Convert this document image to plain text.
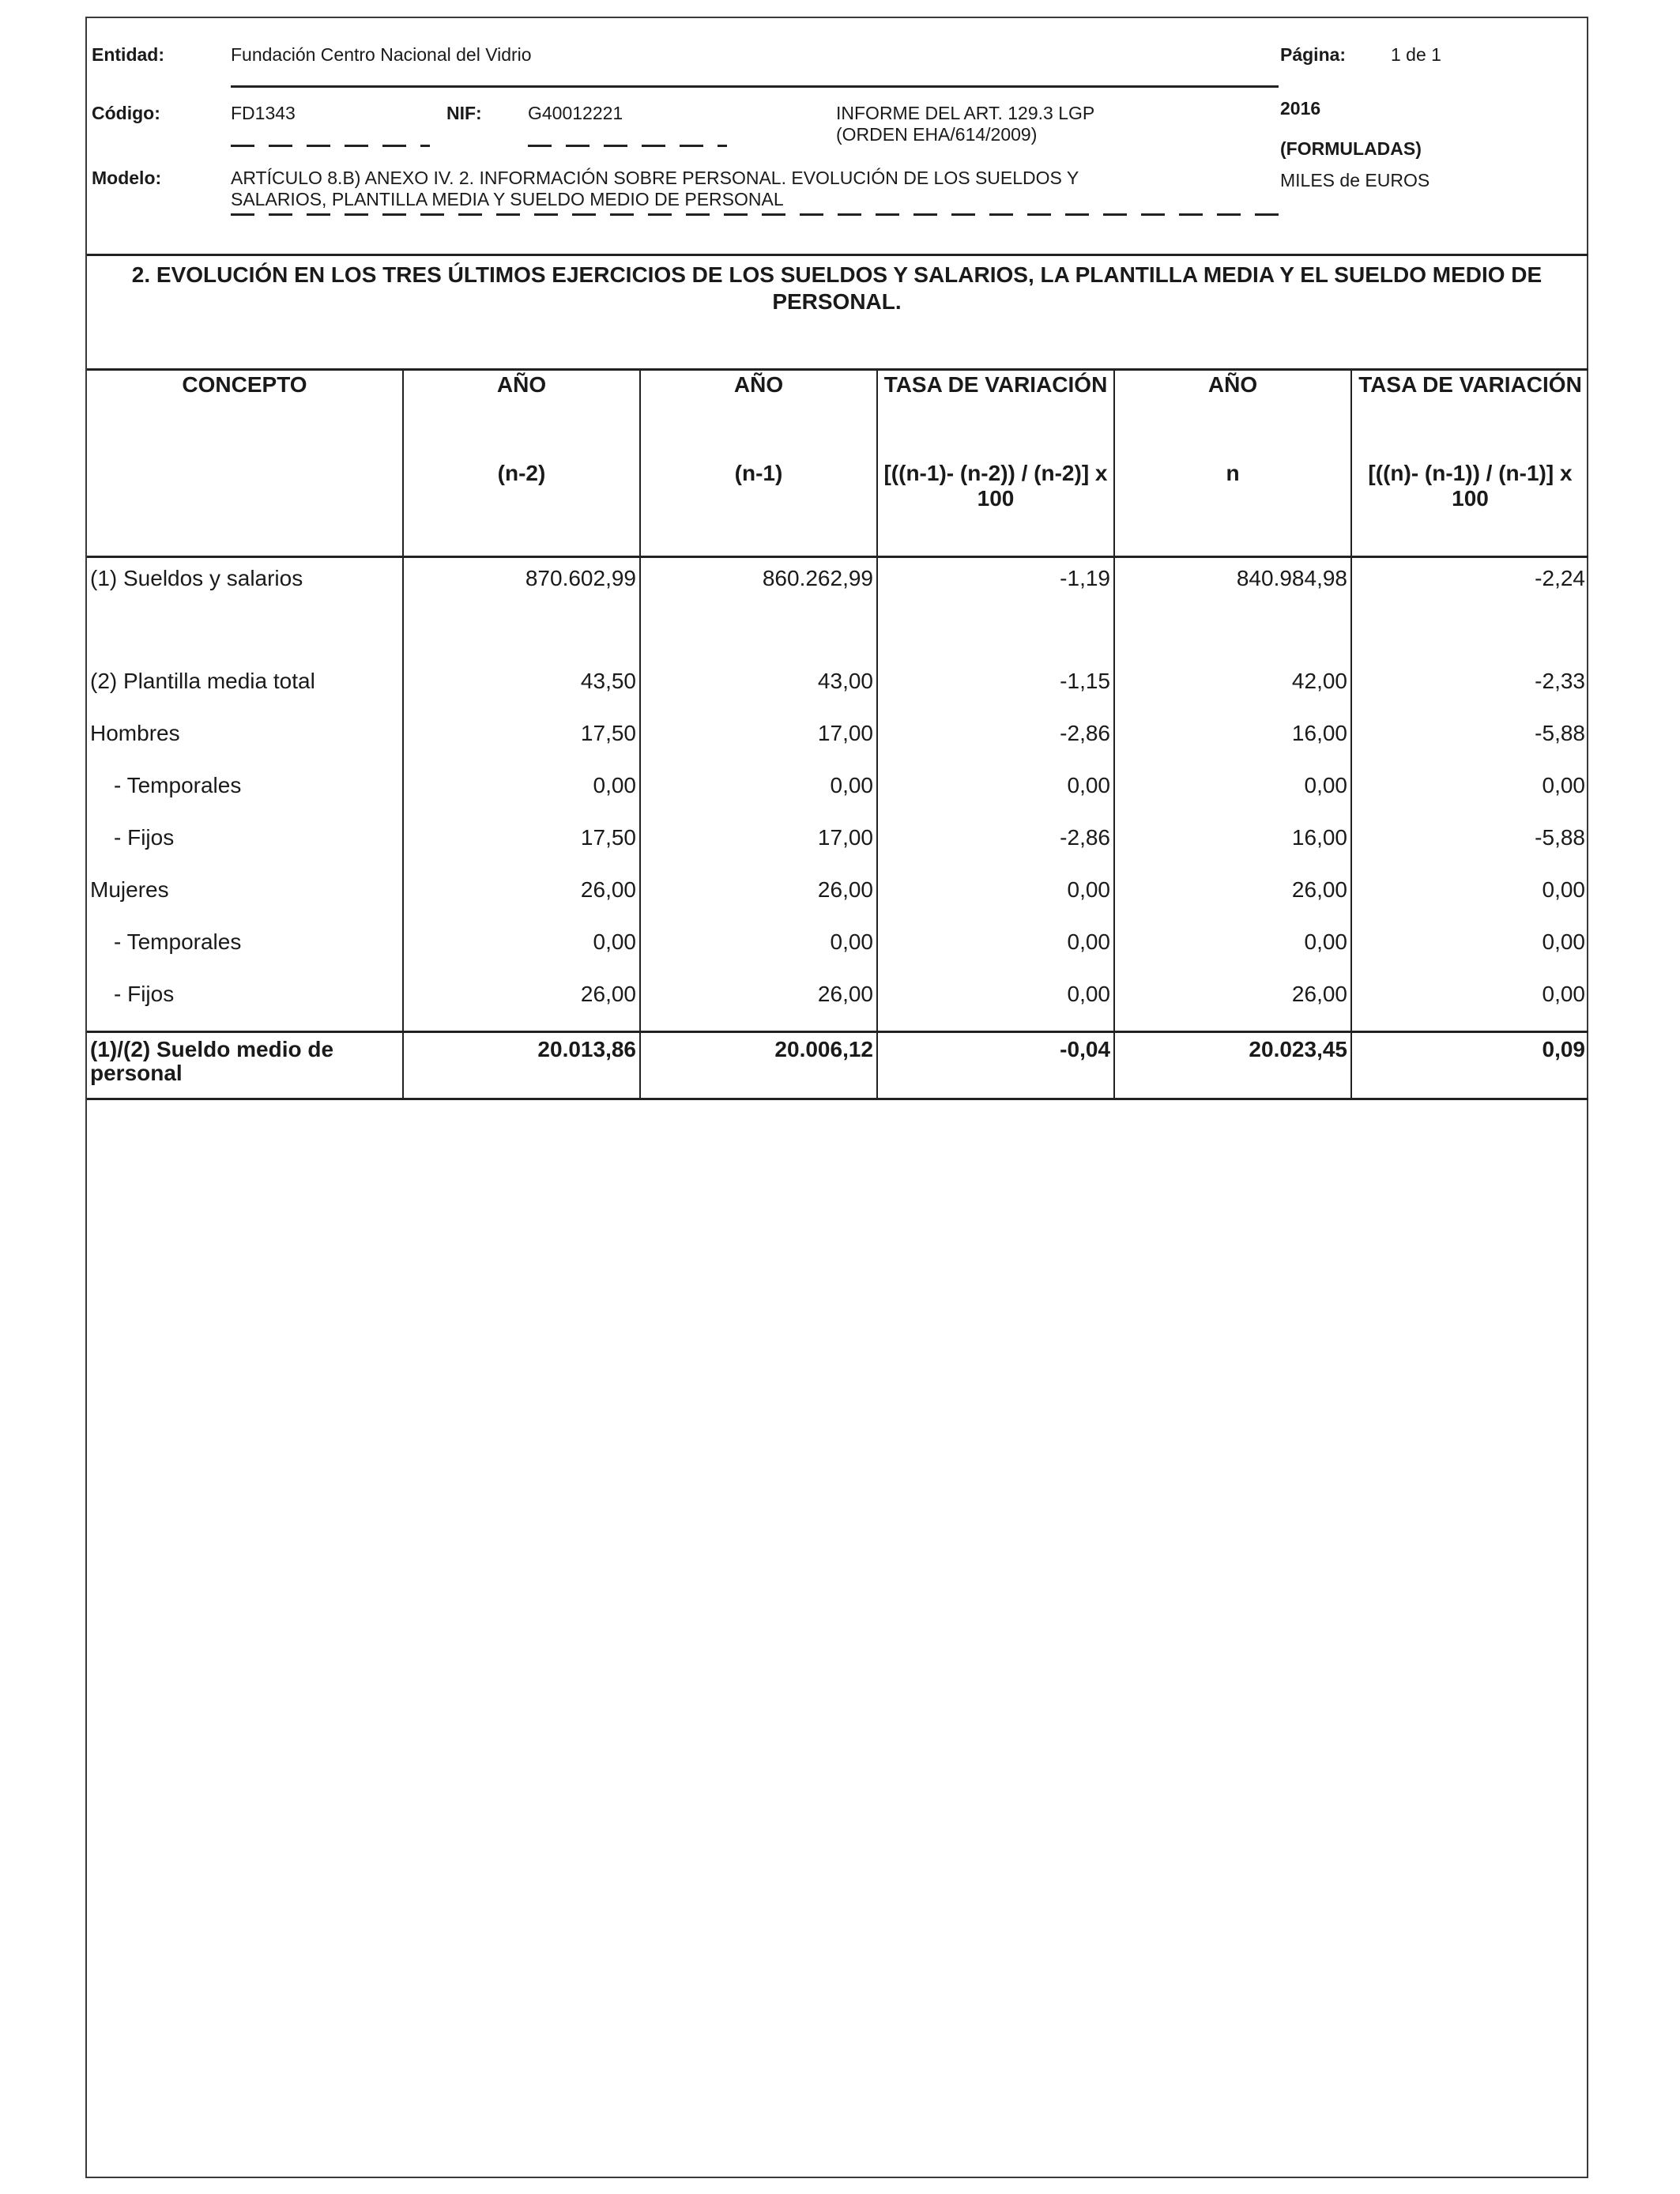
Entidad:	Fundación Centro Nacional del Vidrio	Página: 1 de 1
Código:	FD1343	NIF:	G40012221	INFORME DEL ART. 129.3 LGP
(ORDEN EHA/614/2009)
2016
(FORMULADAS)
MILES de EUROS
Modelo:	ARTÍCULO 8.B) ANEXO IV. 2. INFORMACIÓN SOBRE PERSONAL. EVOLUCIÓN DE LOS SUELDOS Y
SALARIOS, PLANTILLA MEDIA Y SUELDO MEDIO DE PERSONAL
2. EVOLUCIÓN EN LOS TRES ÚLTIMOS EJERCICIOS DE LOS SUELDOS Y SALARIOS, LA PLANTILLA MEDIA Y EL SUELDO MEDIO DE
PERSONAL.
CONCEPTO	AÑO	AÑO	TASA DE VARIACIÓN	AÑO	TASA DE VARIACIÓN
	(n-2)	(n-1)	[((n-1)- (n-2)) / (n-2)] x 100	n	[((n)- (n-1)) / (n-1)] x 100
(1) Sueldos y salarios	870.602,99	860.262,99	-1,19	840.984,98	-2,24
(2) Plantilla media total	43,50	43,00	-1,15	42,00	-2,33
Hombres	17,50	17,00	-2,86	16,00	-5,88
- Temporales	0,00	0,00	0,00	0,00	0,00
- Fijos	17,50	17,00	-2,86	16,00	-5,88
Mujeres	26,00	26,00	0,00	26,00	0,00
- Temporales	0,00	0,00	0,00	0,00	0,00
- Fijos	26,00	26,00	0,00	26,00	0,00
(1)/(2) Sueldo medio de personal	20.013,86	20.006,12	-0,04	20.023,45	0,09
